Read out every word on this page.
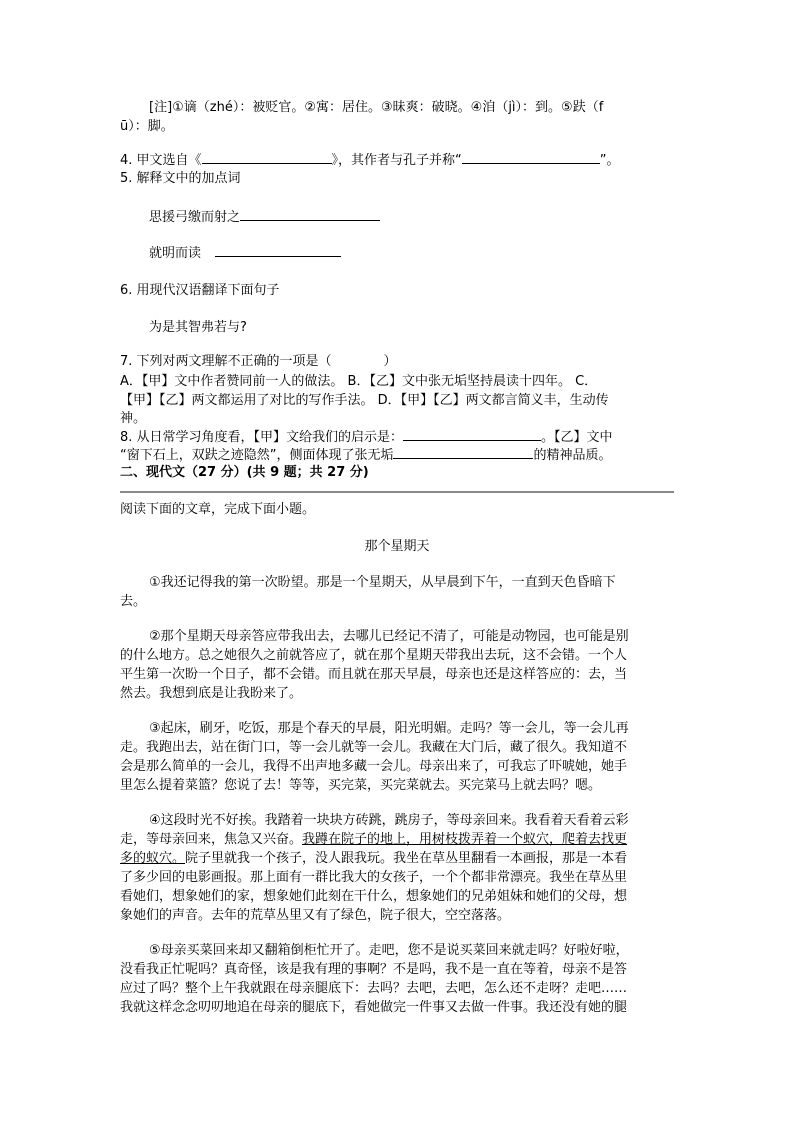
[注]①谪（zhé）：被贬官。②寓：居住。③昧爽：破晓。④洎（jì）：到。⑤趺（f
ū）：脚。
4. 甲文选自《	》，其作者与孔子并称“	”。
5. 解释文中的加点词
思援弓缴而射之
就明而读
6. 用现代汉语翻译下面句子
为是其智弗若与?
7. 下列对两文理解不正确的一项是（　　　　）
A．【甲】文中作者赞同前一人的做法。 B．【乙】文中张无垢坚持晨读十四年。 C．
【甲】【乙】两文都运用了对比的写作手法。 D．【甲】【乙】两文都言简义丰，生动传
神。
8. 从日常学习角度看，【甲】文给我们的启示是：	。【乙】文中
“窗下石上，双趺之迹隐然”，侧面体现了张无垢	的精神品质。
二、现代文（27 分）(共 9 题；共 27 分)
阅读下面的文章，完成下面小题。
那个星期天
①我还记得我的第一次盼望。那是一个星期天，从早晨到下午，一直到天色昏暗下
去。
②那个星期天母亲答应带我出去，去哪儿已经记不清了，可能是动物园，也可能是别
的什么地方。总之她很久之前就答应了，就在那个星期天带我出去玩，这不会错。一个人
平生第一次盼一个日子，都不会错。而且就在那天早晨，母亲也还是这样答应的：去，当
然去。我想到底是让我盼来了。
③起床，刷牙，吃饭，那是个春天的早晨，阳光明媚。走吗？等一会儿，等一会儿再
走。我跑出去，站在街门口，等一会儿就等一会儿。我藏在大门后，藏了很久。我知道不
会是那么简单的一会儿，我得不出声地多藏一会儿。母亲出来了，可我忘了吓唬她，她手
里怎么提着菜篮？您说了去！等等，买完菜，买完菜就去。买完菜马上就去吗？嗯。
④这段时光不好挨。我踏着一块块方砖跳，跳房子，等母亲回来。我看着天看着云彩
走，等母亲回来，焦急又兴奋。我蹲在院子的地上，用树枝拨弄着一个蚁穴，爬着去找更
多的蚁穴。院子里就我一个孩子，没人跟我玩。我坐在草丛里翻看一本画报，那是一本看
了多少回的电影画报。那上面有一群比我大的女孩子，一个个都非常漂亮。我坐在草丛里
看她们，想象她们的家，想象她们此刻在干什么，想象她们的兄弟姐妹和她们的父母，想
象她们的声音。去年的荒草丛里又有了绿色，院子很大，空空落落。
⑤母亲买菜回来却又翻箱倒柜忙开了。走吧，您不是说买菜回来就走吗？好啦好啦，
没看我正忙呢吗？真奇怪，该是我有理的事啊？不是吗，我不是一直在等着，母亲不是答
应过了吗？整个上午我就跟在母亲腿底下：去吗？去吧，去吧，怎么还不走呀？走吧……
我就这样念念叨叨地追在母亲的腿底下，看她做完一件事又去做一件事。我还没有她的腿
